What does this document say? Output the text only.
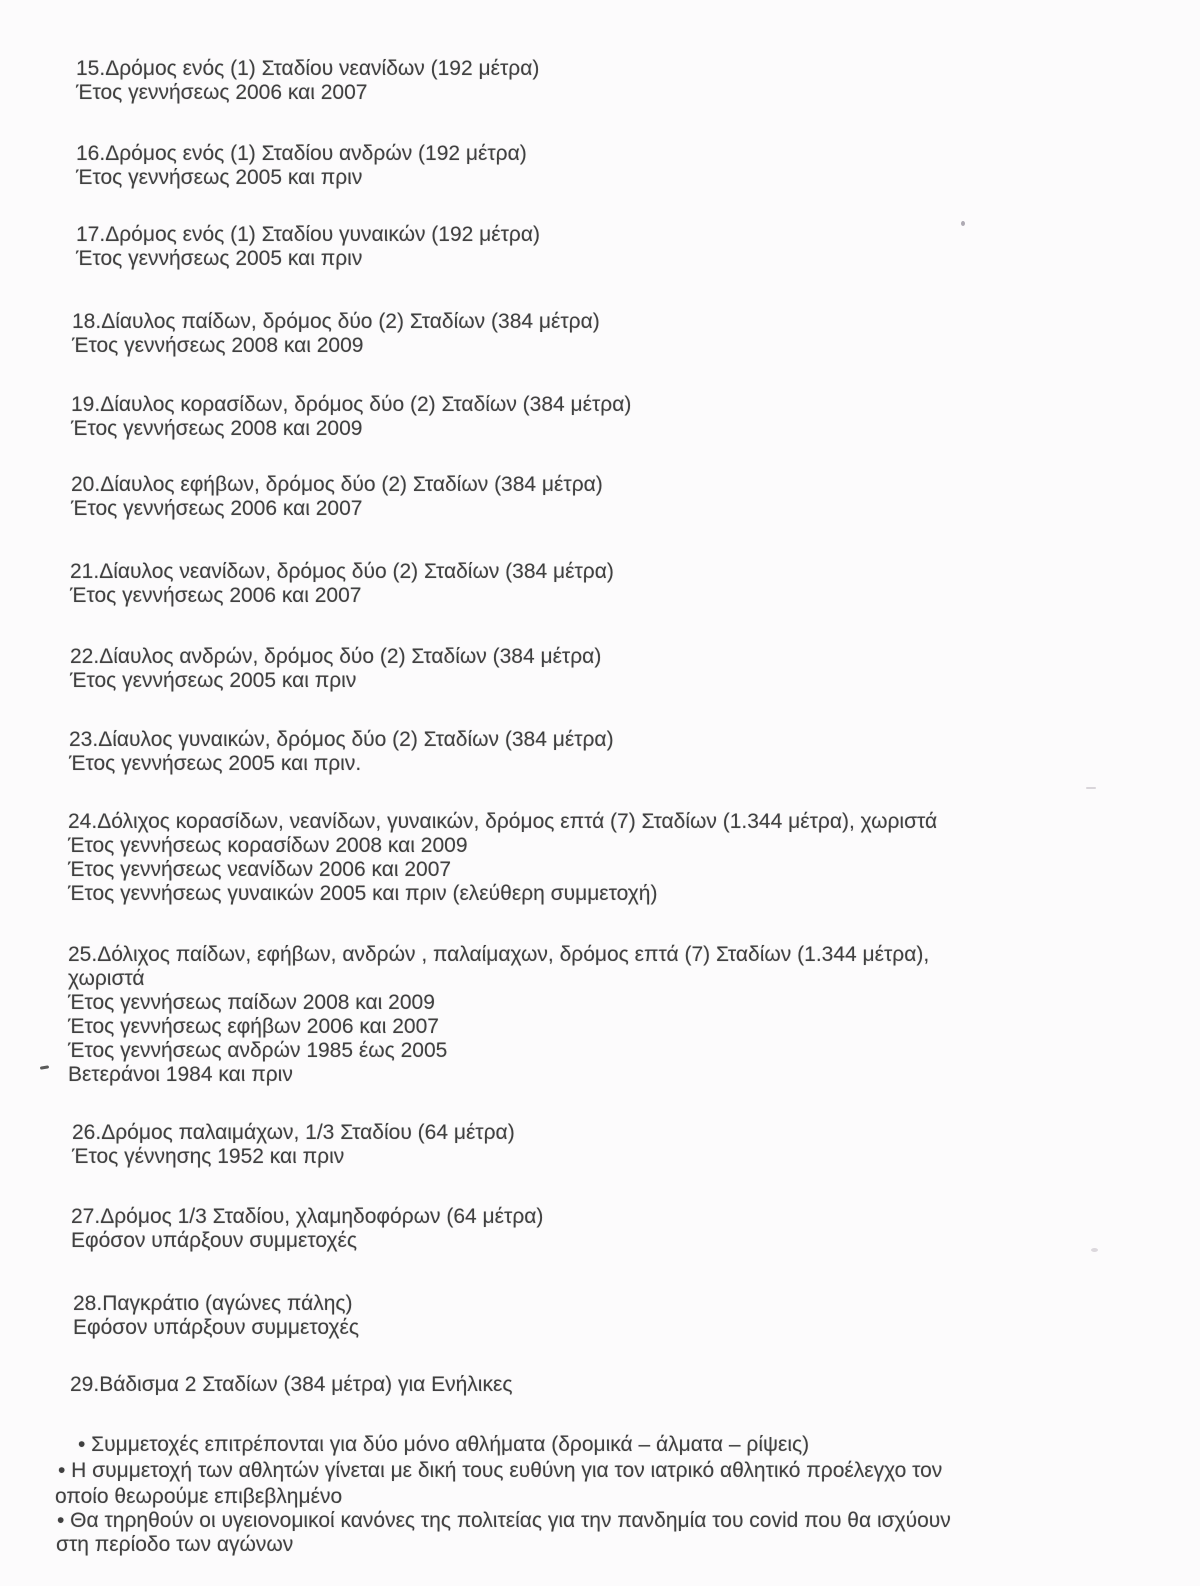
15.Δρόμος ενός (1) Σταδίου νεανίδων (192 μέτρα)
Έτος γεννήσεως 2006 και 2007
16.Δρόμος ενός (1) Σταδίου ανδρών (192 μέτρα)
Έτος γεννήσεως 2005 και πριν
17.Δρόμος ενός (1) Σταδίου γυναικών (192 μέτρα)
Έτος γεννήσεως 2005 και πριν
18.Δίαυλος παίδων, δρόμος δύο (2) Σταδίων (384 μέτρα)
Έτος γεννήσεως 2008 και 2009
19.Δίαυλος κορασίδων, δρόμος δύο (2) Σταδίων (384 μέτρα)
Έτος γεννήσεως 2008 και 2009
20.Δίαυλος εφήβων, δρόμος δύο (2) Σταδίων (384 μέτρα)
Έτος γεννήσεως 2006 και 2007
21.Δίαυλος νεανίδων, δρόμος δύο (2) Σταδίων (384 μέτρα)
Έτος γεννήσεως 2006 και 2007
22.Δίαυλος ανδρών, δρόμος δύο (2) Σταδίων (384 μέτρα)
Έτος γεννήσεως 2005 και πριν
23.Δίαυλος γυναικών, δρόμος δύο (2) Σταδίων (384 μέτρα)
Έτος γεννήσεως 2005 και πριν.
24.Δόλιχος κορασίδων, νεανίδων, γυναικών, δρόμος επτά (7) Σταδίων (1.344 μέτρα), χωριστά
Έτος γεννήσεως κορασίδων 2008 και 2009
Έτος γεννήσεως νεανίδων 2006 και 2007
Έτος γεννήσεως γυναικών 2005 και πριν (ελεύθερη συμμετοχή)
25.Δόλιχος παίδων, εφήβων, ανδρών , παλαίμαχων, δρόμος επτά (7) Σταδίων (1.344 μέτρα),
χωριστά
Έτος γεννήσεως παίδων 2008 και 2009
Έτος γεννήσεως εφήβων 2006 και 2007
Έτος γεννήσεως ανδρών 1985 έως 2005
Βετεράνοι 1984 και πριν
26.Δρόμος παλαιμάχων, 1/3 Σταδίου (64 μέτρα)
Έτος γέννησης 1952 και πριν
27.Δρόμος 1/3 Σταδίου, χλαμηδοφόρων (64 μέτρα)
Εφόσον υπάρξουν συμμετοχές
28.Παγκράτιο (αγώνες πάλης)
Εφόσον υπάρξουν συμμετοχές
29.Βάδισμα 2 Σταδίων (384 μέτρα) για Ενήλικες
• Συμμετοχές επιτρέπονται για δύο μόνο αθλήματα (δρομικά – άλματα – ρίψεις)
• Η συμμετοχή των αθλητών γίνεται με δική τους ευθύνη για τον ιατρικό αθλητικό προέλεγχο τον
οποίο θεωρούμε επιβεβλημένο
• Θα τηρηθούν οι υγειονομικοί κανόνες της πολιτείας για την πανδημία του covid που θα ισχύουν
στη περίοδο των αγώνων
